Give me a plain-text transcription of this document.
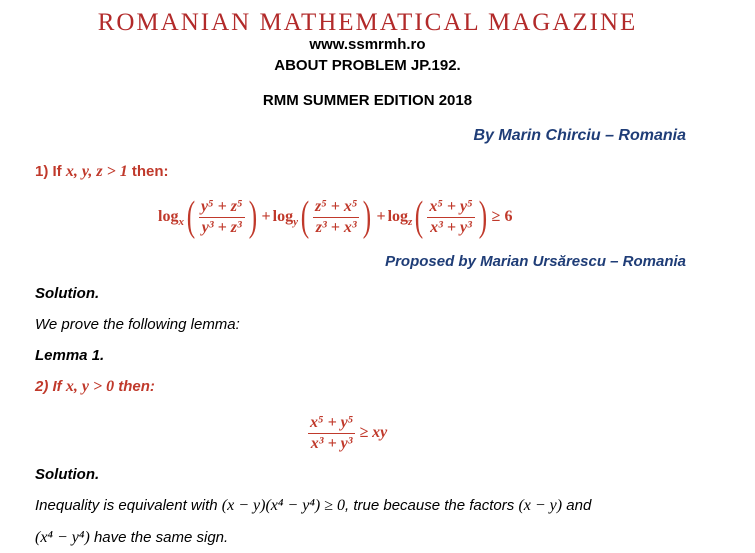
ROMANIAN MATHEMATICAL MAGAZINE
www.ssmrmh.ro
ABOUT PROBLEM JP.192.
RMM SUMMER EDITION 2018
By Marin Chirciu – Romania
1) If x, y, z > 1 then:
$\log_x$ ( $\frac{\text{y⁵ + z⁵}}{\text{y³ + z³}}$ ) + $\log_y$ ( $\frac{\text{z⁵ + x⁵}}{\text{z³ + x³}}$ ) + $\log_z$ ( $\frac{\text{x⁵ + y⁵}}{\text{x³ + y³}}$ ) ≥ 6
Proposed by Marian Ursărescu – Romania
Solution.
We prove the following lemma:
Lemma 1.
2) If x, y > 0 then:
$\frac{\text{x⁵ + y⁵}}{\text{x³ + y³}}$ ≥ xy
Solution.
Inequality is equivalent with (x − y)(x⁴ − y⁴) ≥ 0, true because the factors (x − y) and
(x⁴ − y⁴) have the same sign.
